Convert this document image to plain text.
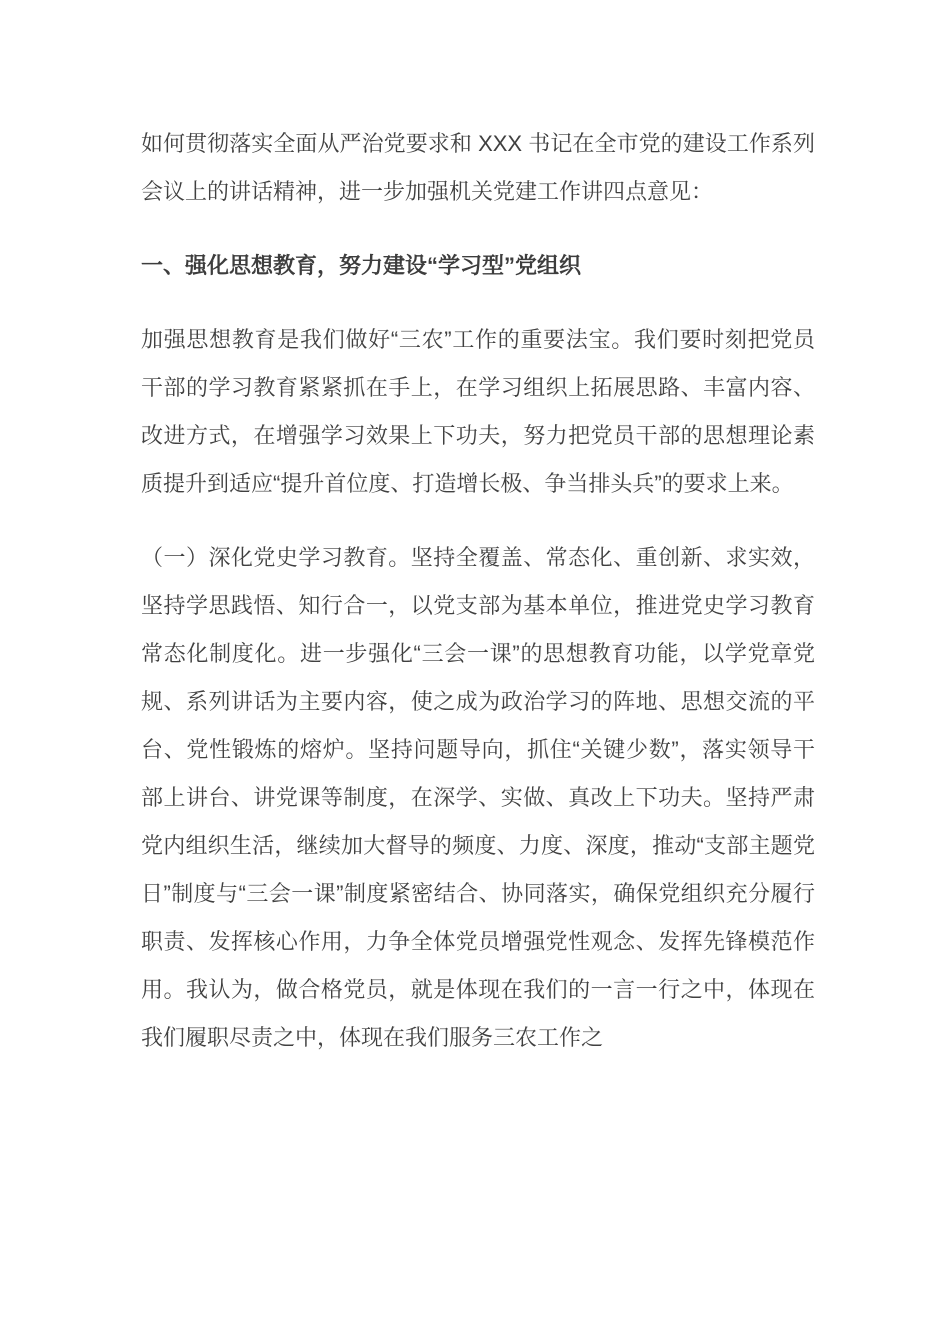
如何贯彻落实全面从严治党要求和 XXX 书记在全市党的建设工作系列会议上的讲话精神，进一步加强机关党建工作讲四点意见：

一、强化思想教育，努力建设“学习型”党组织

加强思想教育是我们做好“三农”工作的重要法宝。我们要时刻把党员干部的学习教育紧紧抓在手上，在学习组织上拓展思路、丰富内容、改进方式，在增强学习效果上下功夫，努力把党员干部的思想理论素质提升到适应“提升首位度、打造增长极、争当排头兵”的要求上来。

（一）深化党史学习教育。坚持全覆盖、常态化、重创新、求实效，坚持学思践悟、知行合一，以党支部为基本单位，推进党史学习教育常态化制度化。进一步强化“三会一课”的思想教育功能，以学党章党规、系列讲话为主要内容，使之成为政治学习的阵地、思想交流的平台、党性锻炼的熔炉。坚持问题导向，抓住“关键少数”，落实领导干部上讲台、讲党课等制度，在深学、实做、真改上下功夫。坚持严肃党内组织生活，继续加大督导的频度、力度、深度，推动“支部主题党日”制度与“三会一课”制度紧密结合、协同落实，确保党组织充分履行职责、发挥核心作用，力争全体党员增强党性观念、发挥先锋模范作用。我认为，做合格党员，就是体现在我们的一言一行之中，体现在我们履职尽责之中，体现在我们服务三农工作之
